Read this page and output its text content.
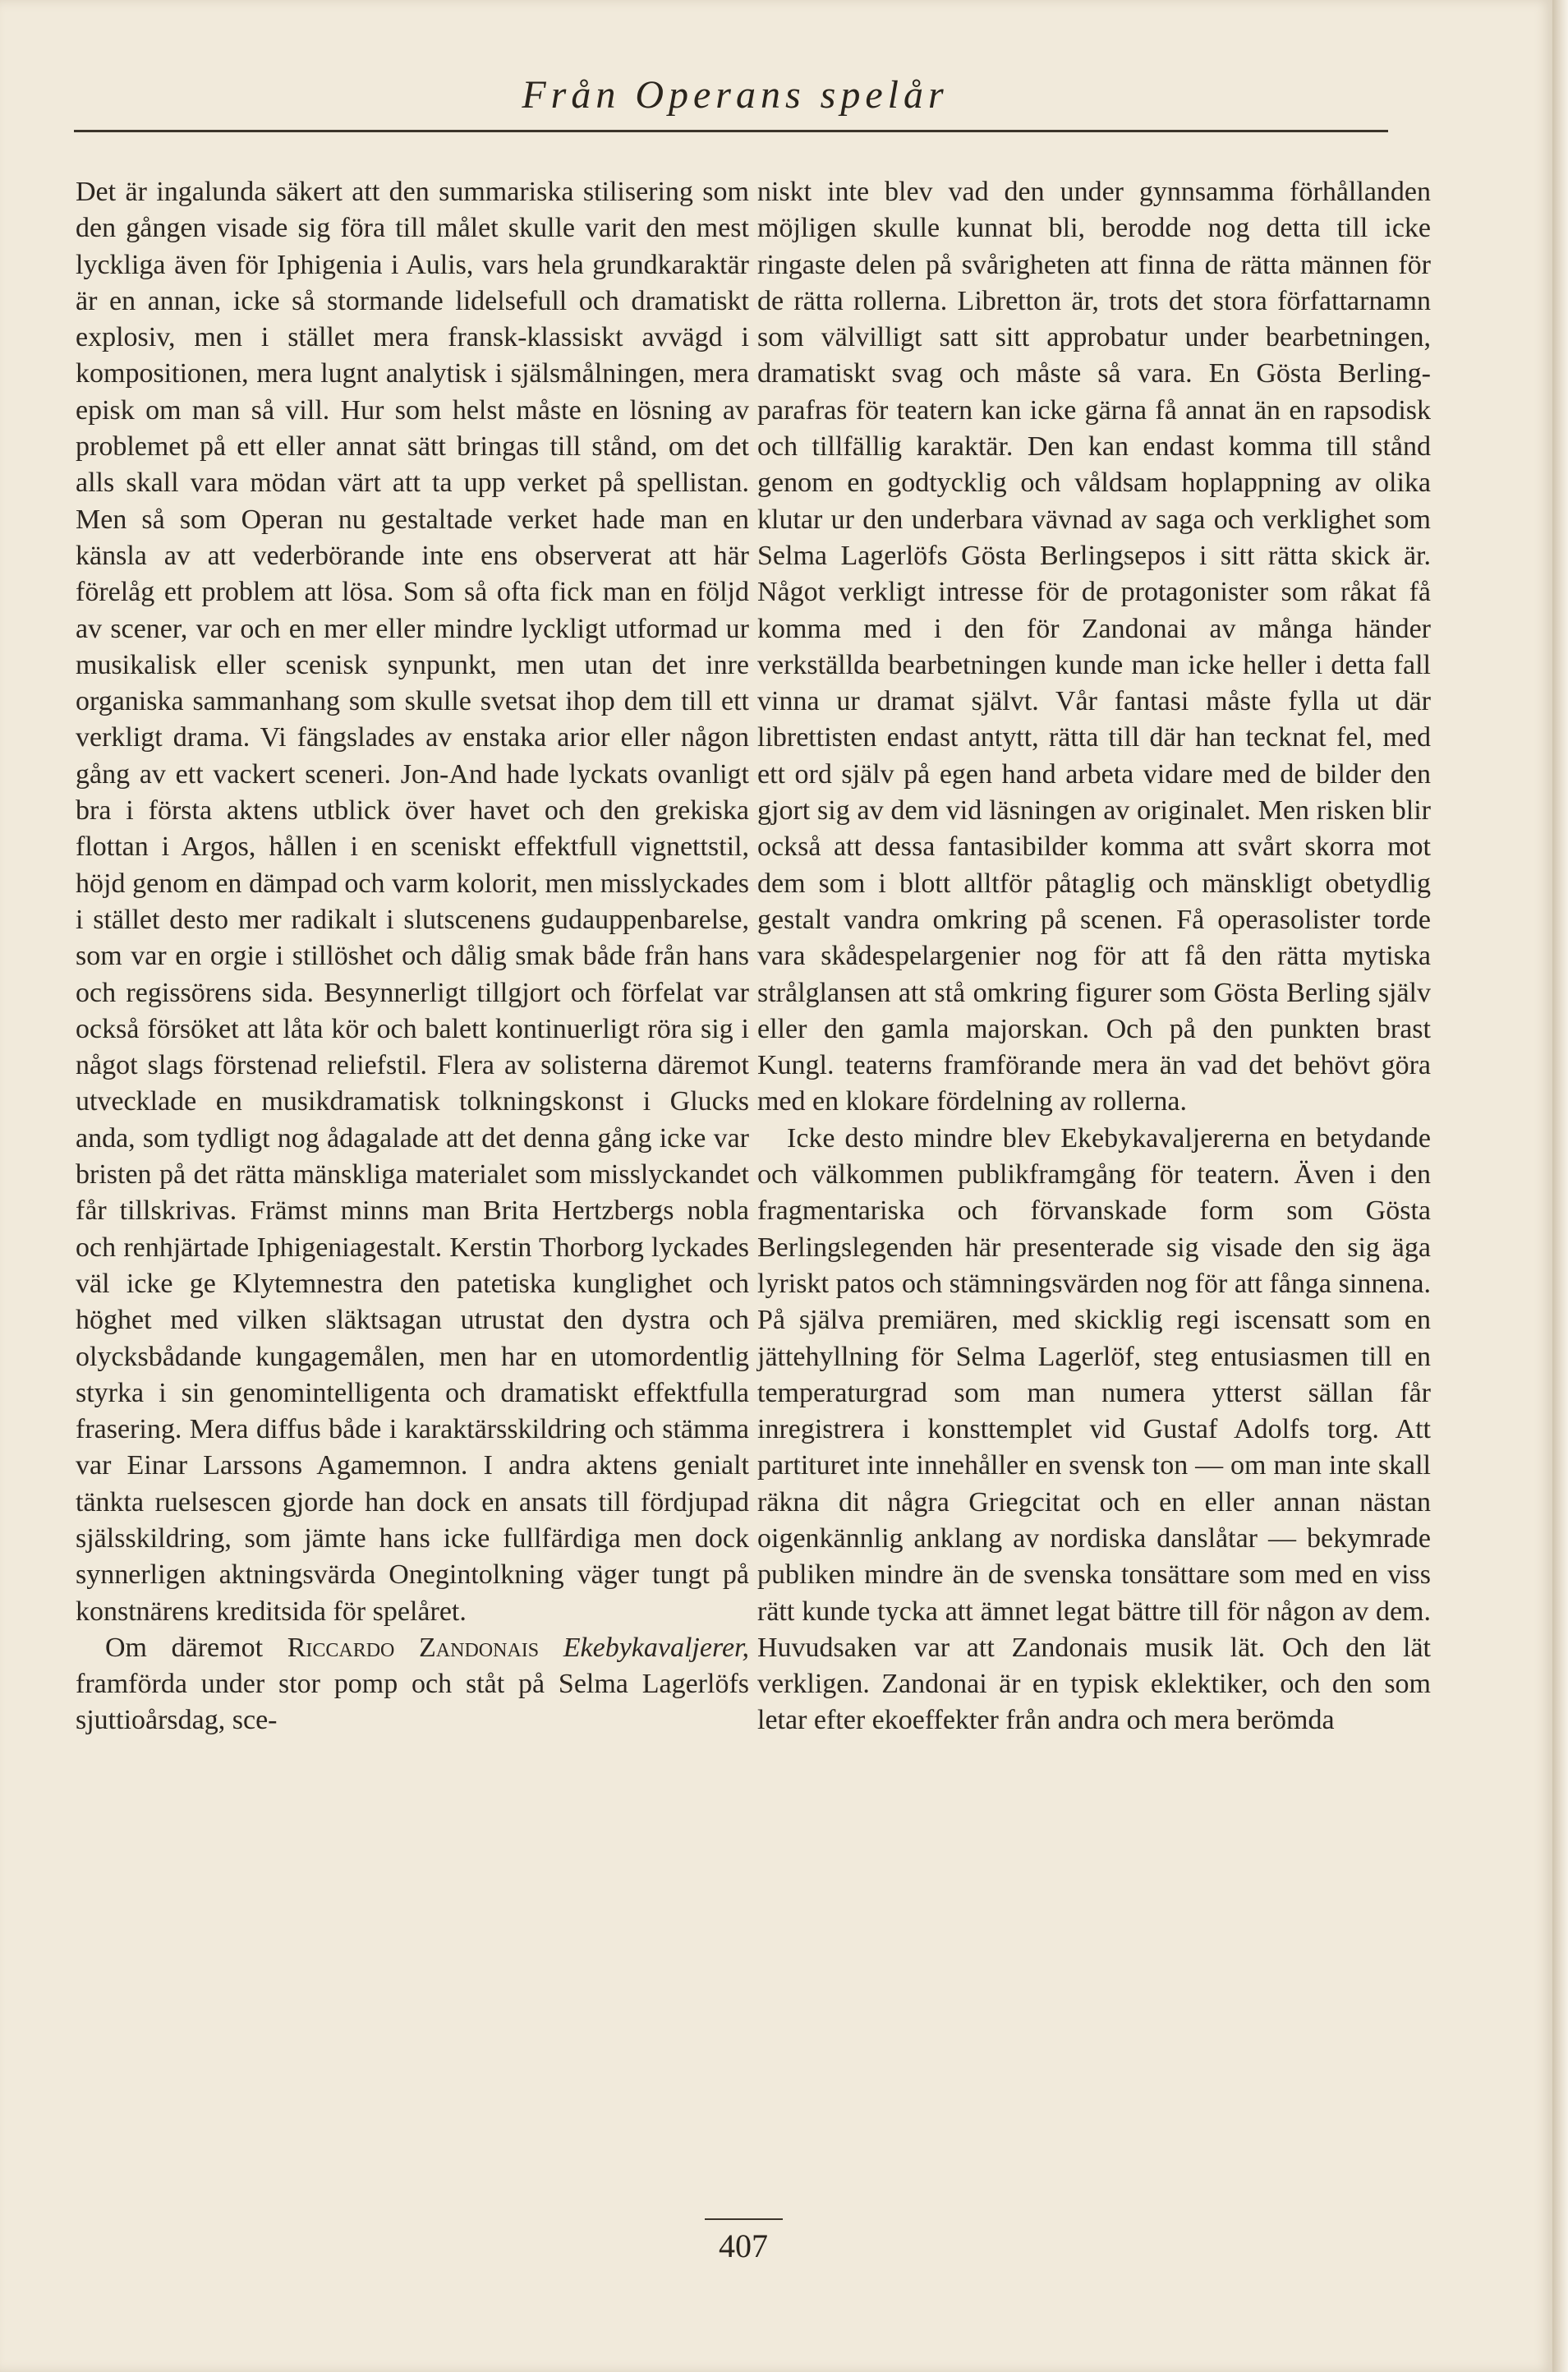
Från Operans spelår

Det är ingalunda säkert att den summariska stilisering som den gången visade sig föra till målet skulle varit den mest lyckliga även för Iphigenia i Aulis, vars hela grundkaraktär är en annan, icke så stormande lidelsefull och dramatiskt explosiv, men i stället mera fransk-klassiskt avvägd i kompositionen, mera lugnt analytisk i själsmålningen, mera episk om man så vill. Hur som helst måste en lösning av problemet på ett eller annat sätt bringas till stånd, om det alls skall vara mödan värt att ta upp verket på spellistan. Men så som Operan nu gestaltade verket hade man en känsla av att vederbörande inte ens observerat att här förelåg ett problem att lösa. Som så ofta fick man en följd av scener, var och en mer eller mindre lyckligt utformad ur musikalisk eller scenisk synpunkt, men utan det inre organiska sammanhang som skulle svetsat ihop dem till ett verkligt drama. Vi fängslades av enstaka arior eller någon gång av ett vackert sceneri. Jon-And hade lyckats ovanligt bra i första aktens utblick över havet och den grekiska flottan i Argos, hållen i en sceniskt effektfull vignettstil, höjd genom en dämpad och varm kolorit, men misslyckades i stället desto mer radikalt i slutscenens gudauppenbarelse, som var en orgie i stillöshet och dålig smak både från hans och regissörens sida. Besynnerligt tillgjort och förfelat var också försöket att låta kör och balett kontinuerligt röra sig i något slags förstenad reliefstil. Flera av solisterna däremot utvecklade en musikdramatisk tolkningskonst i Glucks anda, som tydligt nog ådagalade att det denna gång icke var bristen på det rätta mänskliga materialet som misslyckandet får tillskrivas. Främst minns man Brita Hertzbergs nobla och renhjärtade Iphigeniagestalt. Kerstin Thorborg lyckades väl icke ge Klytemnestra den patetiska kunglighet och höghet med vilken släktsagan utrustat den dystra och olycksbådande kungagemålen, men har en utomordentlig styrka i sin genomintelligenta och dramatiskt effektfulla frasering. Mera diffus både i karaktärsskildring och stämma var Einar Larssons Agamemnon. I andra aktens genialt tänkta ruelsescen gjorde han dock en ansats till fördjupad själsskildring, som jämte hans icke fullfärdiga men dock synnerligen aktningsvärda Onegintolkning väger tungt på konstnärens kreditsida för spelåret.

Om däremot Riccardo Zandonais Ekebykavaljerer, framförda under stor pomp och ståt på Selma Lagerlöfs sjuttioårsdag, sce-

niskt inte blev vad den under gynnsamma förhållanden möjligen skulle kunnat bli, berodde nog detta till icke ringaste delen på svårigheten att finna de rätta männen för de rätta rollerna. Libretton är, trots det stora författarnamn som välvilligt satt sitt approbatur under bearbetningen, dramatiskt svag och måste så vara. En Gösta Berling-parafras för teatern kan icke gärna få annat än en rapsodisk och tillfällig karaktär. Den kan endast komma till stånd genom en godtycklig och våldsam hoplappning av olika klutar ur den underbara vävnad av saga och verklighet som Selma Lagerlöfs Gösta Berlingsepos i sitt rätta skick är. Något verkligt intresse för de protagonister som råkat få komma med i den för Zandonai av många händer verkställda bearbetningen kunde man icke heller i detta fall vinna ur dramat självt. Vår fantasi måste fylla ut där librettisten endast antytt, rätta till där han tecknat fel, med ett ord själv på egen hand arbeta vidare med de bilder den gjort sig av dem vid läsningen av originalet. Men risken blir också att dessa fantasibilder komma att svårt skorra mot dem som i blott alltför påtaglig och mänskligt obetydlig gestalt vandra omkring på scenen. Få operasolister torde vara skådespelargenier nog för att få den rätta mytiska strålglansen att stå omkring figurer som Gösta Berling själv eller den gamla majorskan. Och på den punkten brast Kungl. teaterns framförande mera än vad det behövt göra med en klokare fördelning av rollerna.

Icke desto mindre blev Ekebykavaljererna en betydande och välkommen publikframgång för teatern. Även i den fragmentariska och förvanskade form som Gösta Berlingslegenden här presenterade sig visade den sig äga lyriskt patos och stämningsvärden nog för att fånga sinnena. På själva premiären, med skicklig regi iscensatt som en jättehyllning för Selma Lagerlöf, steg entusiasmen till en temperaturgrad som man numera ytterst sällan får inregistrera i konsttemplet vid Gustaf Adolfs torg. Att partituret inte innehåller en svensk ton — om man inte skall räkna dit några Griegcitat och en eller annan nästan oigenkännlig anklang av nordiska danslåtar — bekymrade publiken mindre än de svenska tonsättare som med en viss rätt kunde tycka att ämnet legat bättre till för någon av dem. Huvudsaken var att Zandonais musik lät. Och den lät verkligen. Zandonai är en typisk eklektiker, och den som letar efter ekoeffekter från andra och mera berömda

407
